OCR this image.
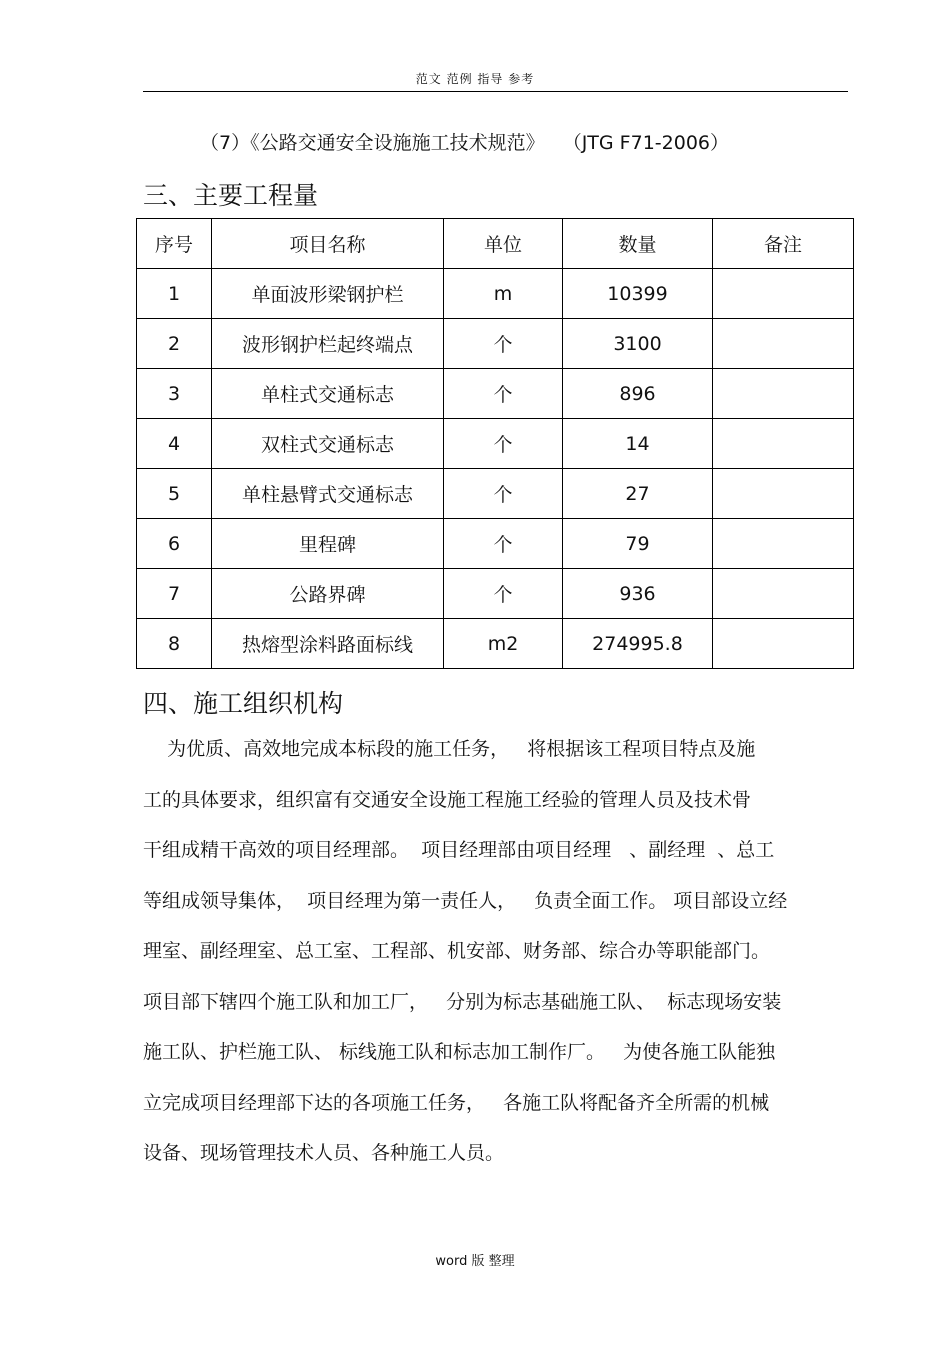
范文 范例 指导 参考
（7）《公路交通安全设施施工技术规范》   （JTG F71-2006）
三、主要工程量
序号	项目名称	单位	数量	备注
1	单面波形梁钢护栏	m	10399	
2	波形钢护栏起终端点	个	3100	
3	单柱式交通标志	个	896	
4	双柱式交通标志	个	14	
5	单柱悬臂式交通标志	个	27	
6	里程碑	个	79	
7	公路界碑	个	936	
8	热熔型涂料路面标线	m2	274995.8	
四、施工组织机构
为优质、高效地完成本标段的施工任务，   将根据该工程项目特点及施
工的具体要求，组织富有交通安全设施工程施工经验的管理人员及技术骨
干组成精干高效的项目经理部。  项目经理部由项目经理   、副经理  、总工
等组成领导集体，  项目经理为第一责任人，   负责全面工作。 项目部设立经
理室、副经理室、总工室、工程部、机安部、财务部、综合办等职能部门。
项目部下辖四个施工队和加工厂，   分别为标志基础施工队、  标志现场安装
施工队、护栏施工队、 标线施工队和标志加工制作厂。   为使各施工队能独
立完成项目经理部下达的各项施工任务，   各施工队将配备齐全所需的机械
设备、现场管理技术人员、各种施工人员。
word 版 整理
